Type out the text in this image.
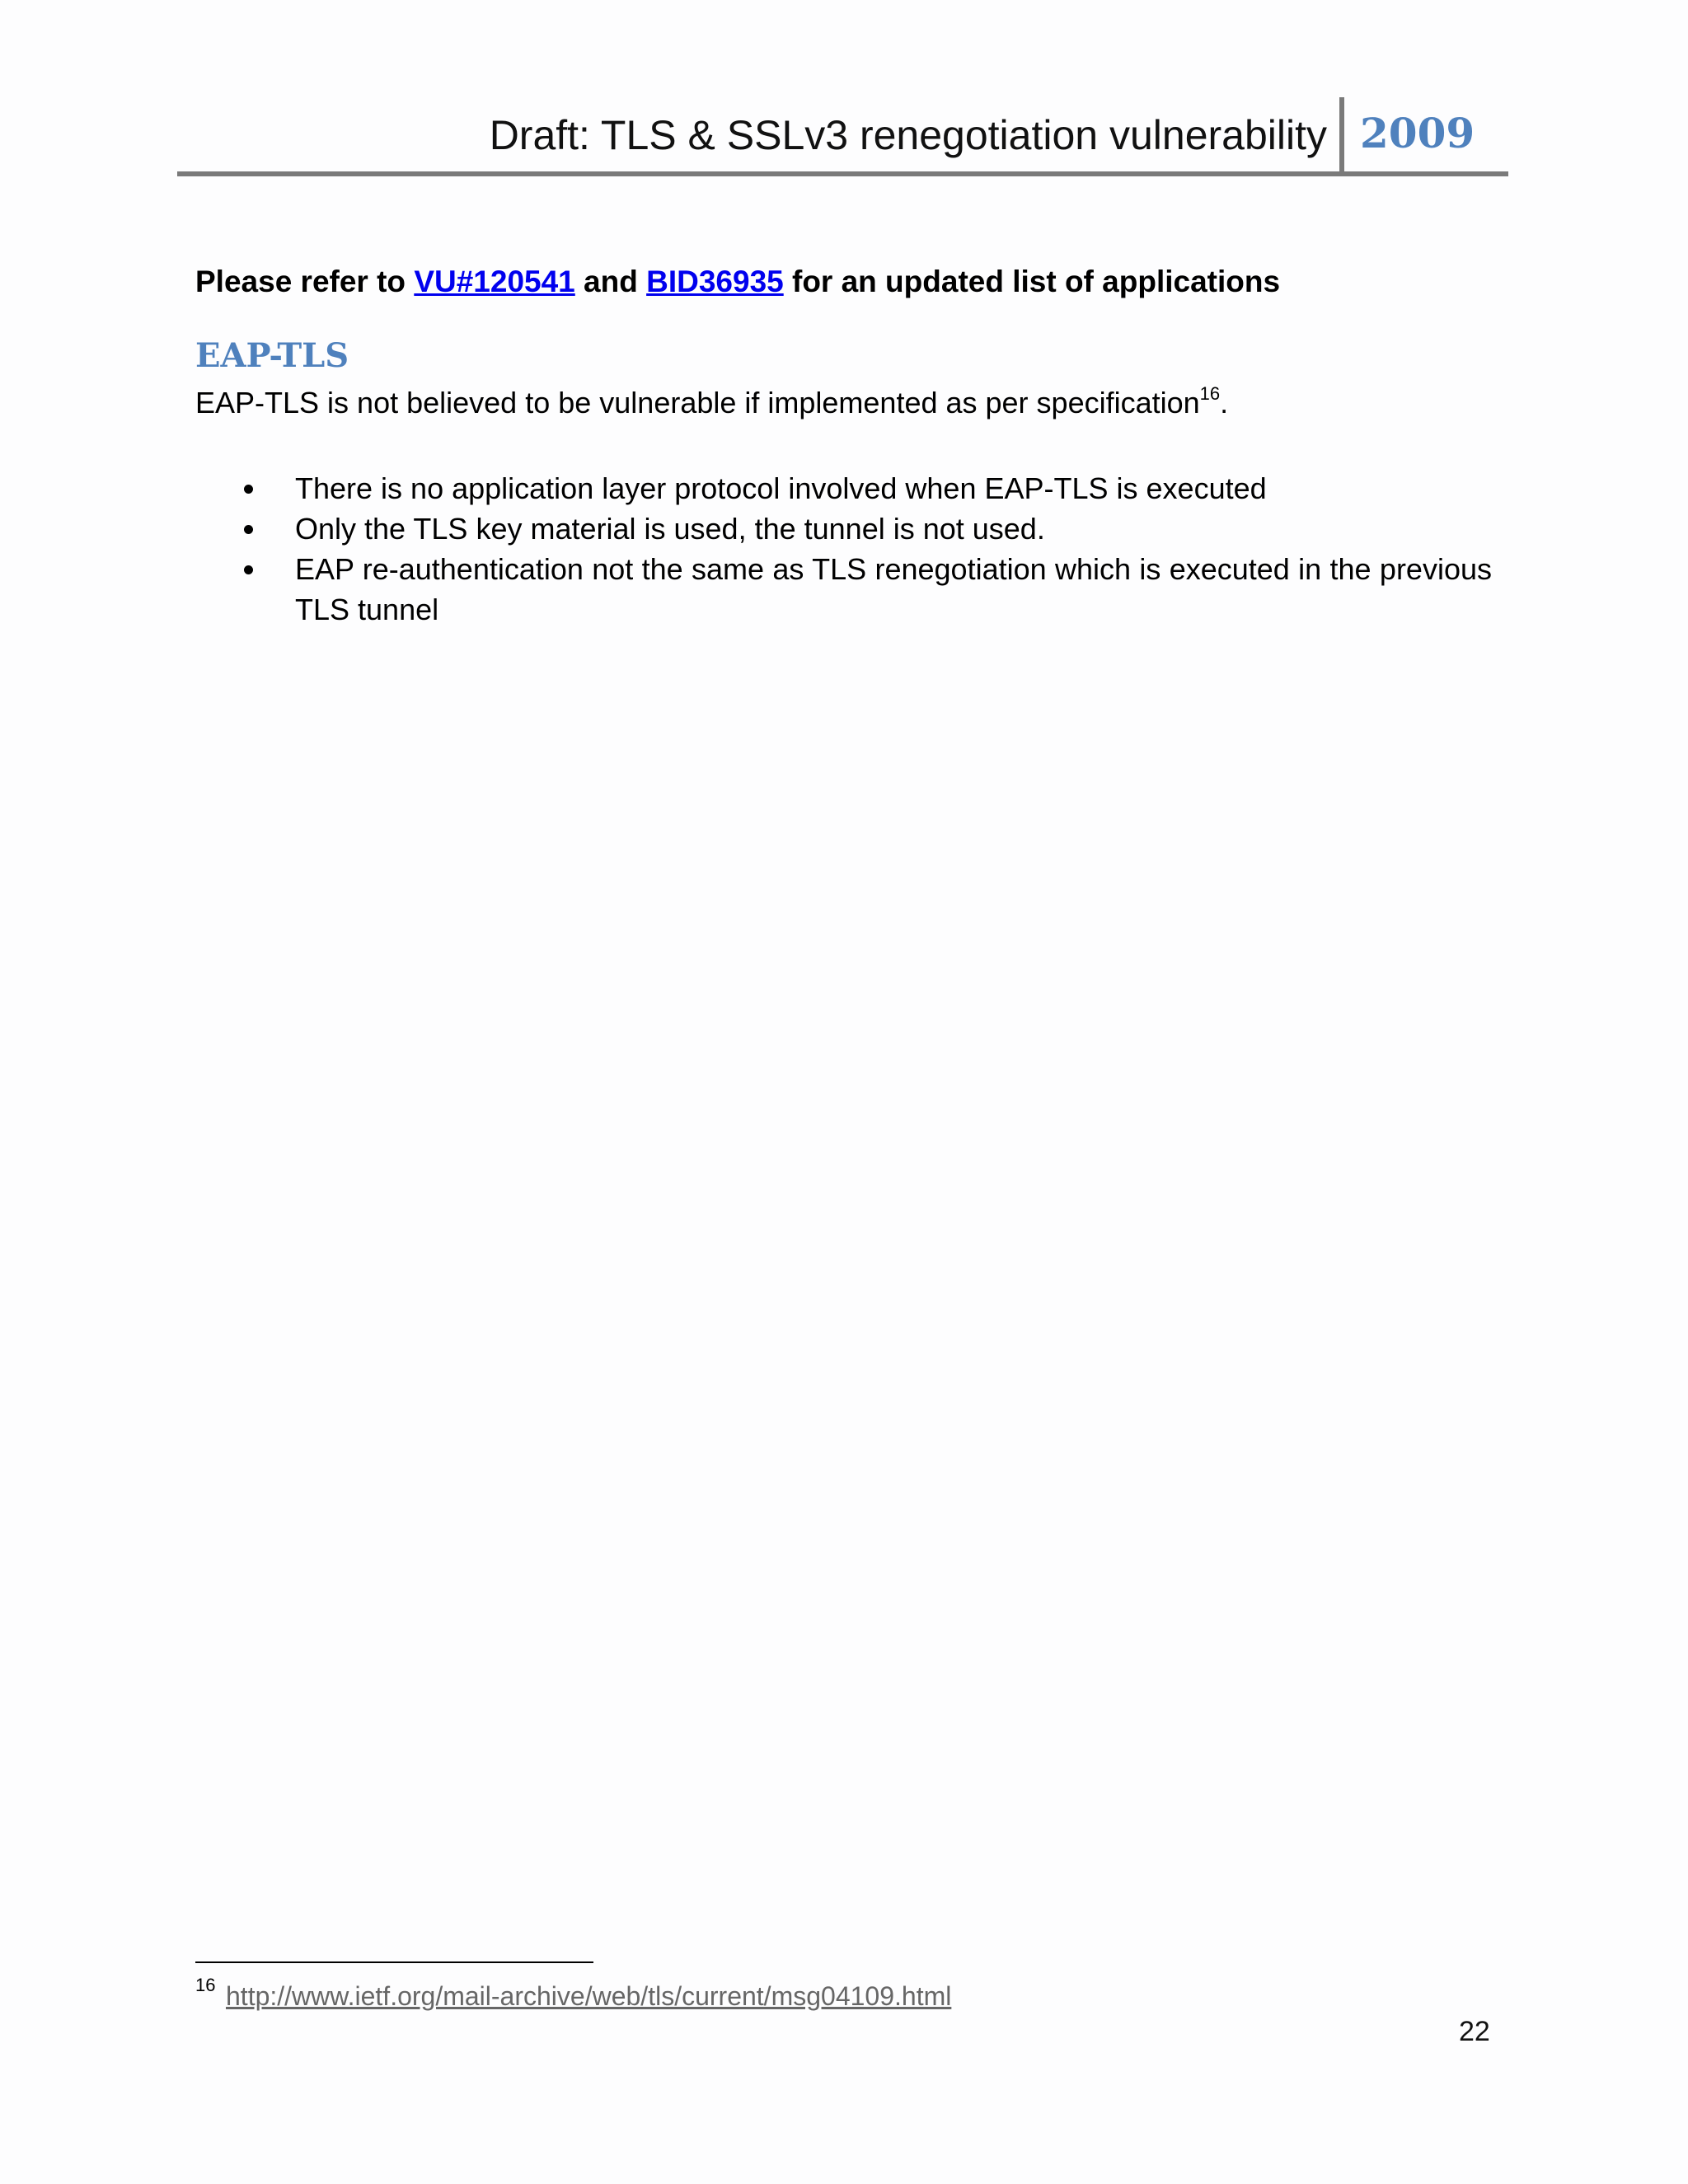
Draft: TLS & SSLv3 renegotiation vulnerability 2009
Please refer to VU#120541 and BID36935 for an updated list of applications
EAP-TLS
EAP-TLS is not believed to be vulnerable if implemented as per specification$^{16}$.
There is no application layer protocol involved when EAP-TLS is executed
Only the TLS key material is used, the tunnel is not used.
EAP re-authentication not the same as TLS renegotiation which is executed in the previous TLS tunnel
16 http://www.ietf.org/mail-archive/web/tls/current/msg04109.html
22
